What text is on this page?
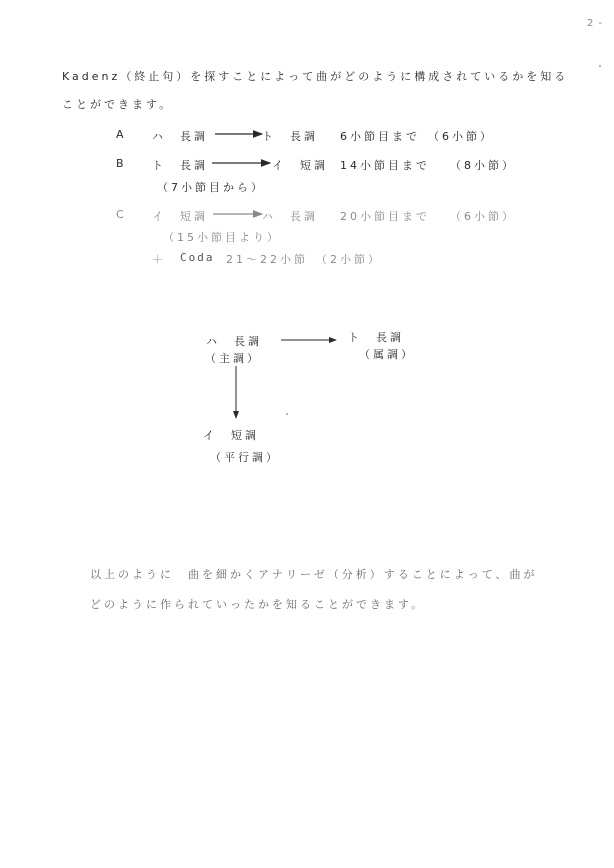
2 -
Kadenz（終止句）を探すことによって曲がどのように構成されているかを知る
ことができます。
A ハ　長調	ト　長調 6小節目まで （6小節）
B ト　長調	イ　短調 14小節目まで （8小節）
（7小節目から）
C イ　短調	ハ　長調 20小節目まで （6小節）
（15小節目より）
＋ Coda 21〜22小節 （2小節）
ハ　長調
（主調）
ト　長調
（属調）
イ　短調
（平行調）
以上のように　曲を細かくアナリーゼ（分析）することによって、曲が
どのように作られていったかを知ることができます。
